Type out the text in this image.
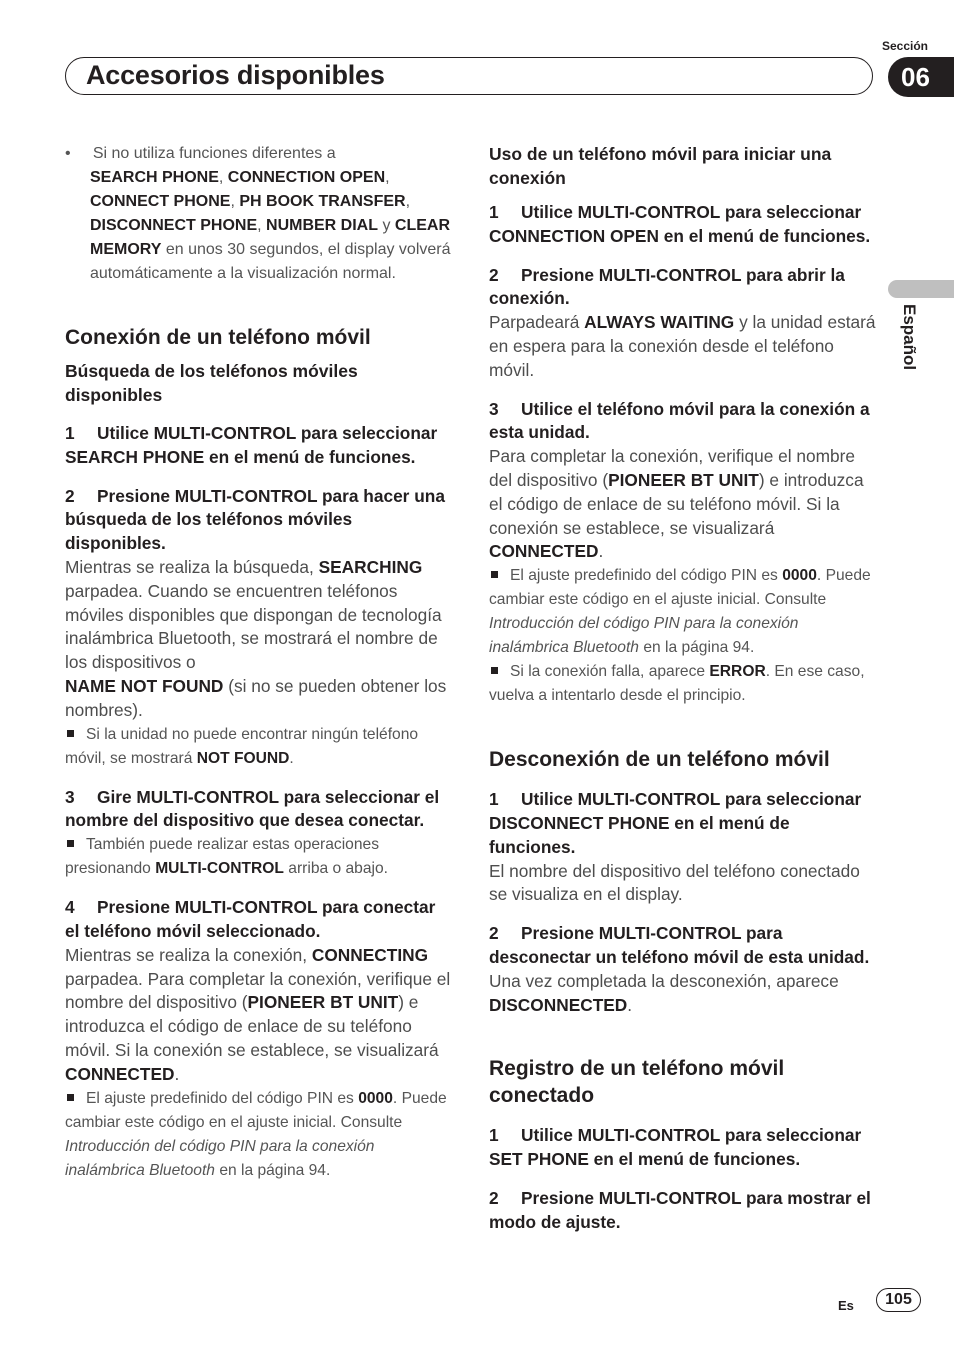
Accesorios disponibles
Sección
06
Español

•     Si no utiliza funciones diferentes a
SEARCH PHONE, CONNECTION OPEN, CONNECT PHONE, PH BOOK TRANSFER, DISCONNECT PHONE, NUMBER DIAL y CLEAR MEMORY en unos 30 segundos, el display volverá automáticamente a la visualización normal.

Conexión de un teléfono móvil
Búsqueda de los teléfonos móviles disponibles

1 Utilice MULTI-CONTROL para seleccionar SEARCH PHONE en el menú de funciones.

2 Presione MULTI-CONTROL para hacer una búsqueda de los teléfonos móviles disponibles.

Mientras se realiza la búsqueda, SEARCHING parpadea. Cuando se encuentren teléfonos móviles disponibles que dispongan de tecnología inalámbrica Bluetooth, se mostrará el nombre de los dispositivos o
NAME NOT FOUND (si no se pueden obtener los nombres).

Si la unidad no puede encontrar ningún teléfono móvil, se mostrará NOT FOUND.

3 Gire MULTI-CONTROL para seleccionar el nombre del dispositivo que desea conectar.

También puede realizar estas operaciones presionando MULTI-CONTROL arriba o abajo.

4 Presione MULTI-CONTROL para conectar el teléfono móvil seleccionado.

Mientras se realiza la conexión, CONNECTING parpadea. Para completar la conexión, verifique el nombre del dispositivo (PIONEER BT UNIT) e introduzca el código de enlace de su teléfono móvil. Si la conexión se establece, se visualizará CONNECTED.

El ajuste predefinido del código PIN es 0000. Puede cambiar este código en el ajuste inicial. Consulte Introducción del código PIN para la conexión inalámbrica Bluetooth en la página 94.

Uso de un teléfono móvil para iniciar una conexión

1 Utilice MULTI-CONTROL para seleccionar CONNECTION OPEN en el menú de funciones.

2 Presione MULTI-CONTROL para abrir la conexión.

Parpadeará ALWAYS WAITING y la unidad estará en espera para la conexión desde el teléfono móvil.

3 Utilice el teléfono móvil para la conexión a esta unidad.

Para completar la conexión, verifique el nombre del dispositivo (PIONEER BT UNIT) e introduzca el código de enlace de su teléfono móvil. Si la conexión se establece, se visualizará CONNECTED.

El ajuste predefinido del código PIN es 0000. Puede cambiar este código en el ajuste inicial. Consulte Introducción del código PIN para la conexión inalámbrica Bluetooth en la página 94.

Si la conexión falla, aparece ERROR. En ese caso, vuelva a intentarlo desde el principio.

Desconexión de un teléfono móvil

1 Utilice MULTI-CONTROL para seleccionar DISCONNECT PHONE en el menú de funciones.

El nombre del dispositivo del teléfono conectado se visualiza en el display.

2 Presione MULTI-CONTROL para desconectar un teléfono móvil de esta unidad.

Una vez completada la desconexión, aparece
DISCONNECTED.

Registro de un teléfono móvil conectado

1 Utilice MULTI-CONTROL para seleccionar SET PHONE en el menú de funciones.

2 Presione MULTI-CONTROL para mostrar el modo de ajuste.

Es	105
